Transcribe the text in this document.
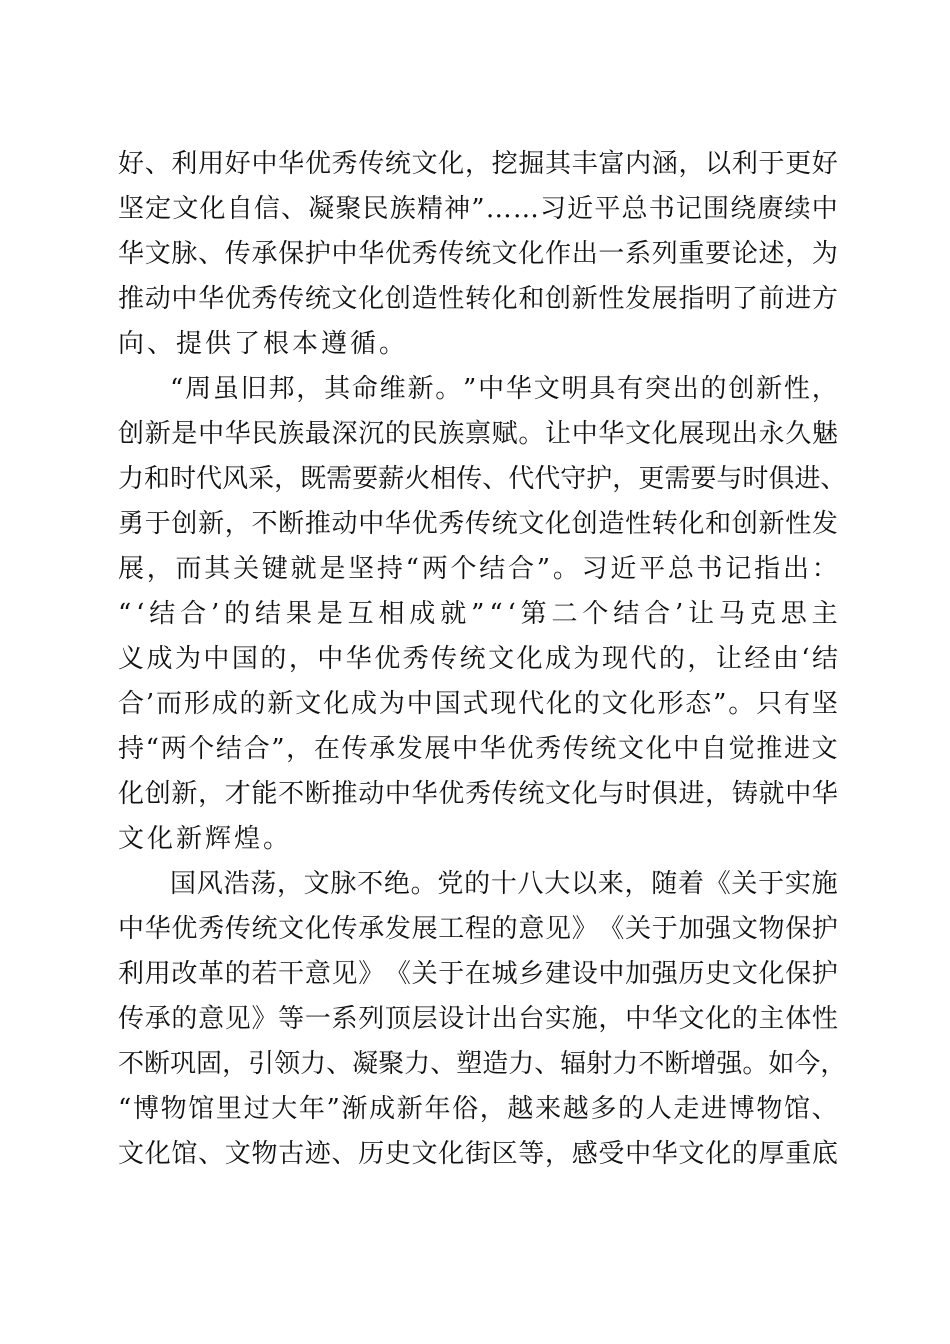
好 、 利 用 好 中 华 优 秀 传 统 文 化 ， 挖 掘 其 丰 富 内 涵 ， 以 利 于 更 好
坚 定 文 化 自 信 、 凝 聚 民 族 精 神 ” … … 习 近 平 总 书 记 围 绕 赓 续 中
华 文 脉 、 传 承 保 护 中 华 优 秀 传 统 文 化 作 出 一 系 列 重 要 论 述 ， 为
推 动 中 华 优 秀 传 统 文 化 创 造 性 转 化 和 创 新 性 发 展 指 明 了 前 进 方
向、提供了根本遵循。
“ 周 虽 旧 邦 ， 其 命 维 新 。 ” 中 华 文 明 具 有 突 出 的 创 新 性 ，
创 新 是 中 华 民 族 最 深 沉 的 民 族 禀 赋 。 让 中 华 文 化 展 现 出 永 久 魅
力 和 时 代 风 采 ， 既 需 要 薪 火 相 传 、 代 代 守 护 ， 更 需 要 与 时 俱 进 、
勇 于 创 新 ， 不 断 推 动 中 华 优 秀 传 统 文 化 创 造 性 转 化 和 创 新 性 发
展 ， 而 其 关 键 就 是 坚 持 “ 两 个 结 合 ” 。 习 近 平 总 书 记 指 出 ：
“ ‘ 结 合 ’ 的 结 果 是 互 相 成 就 ” “ ‘ 第 二 个 结 合 ’ 让 马 克 思 主
义 成 为 中 国 的 ， 中 华 优 秀 传 统 文 化 成 为 现 代 的 ， 让 经 由 ‘ 结
合 ’ 而 形 成 的 新 文 化 成 为 中 国 式 现 代 化 的 文 化 形 态 ” 。 只 有 坚
持 “ 两 个 结 合 ” ， 在 传 承 发 展 中 华 优 秀 传 统 文 化 中 自 觉 推 进 文
化 创 新 ， 才 能 不 断 推 动 中 华 优 秀 传 统 文 化 与 时 俱 进 ， 铸 就 中 华
文化新辉煌。
国 风 浩 荡 ， 文 脉 不 绝 。 党 的 十 八 大 以 来 ， 随 着 《 关 于 实 施
中 华 优 秀 传 统 文 化 传 承 发 展 工 程 的 意 见 》 《 关 于 加 强 文 物 保 护
利 用 改 革 的 若 干 意 见 》 《 关 于 在 城 乡 建 设 中 加 强 历 史 文 化 保 护
传 承 的 意 见 》 等 一 系 列 顶 层 设 计 出 台 实 施 ， 中 华 文 化 的 主 体 性
不 断 巩 固 ， 引 领 力 、 凝 聚 力 、 塑 造 力 、 辐 射 力 不 断 增 强 。 如 今 ，
“ 博 物 馆 里 过 大 年 ” 渐 成 新 年 俗 ， 越 来 越 多 的 人 走 进 博 物 馆 、
文 化 馆 、 文 物 古 迹 、 历 史 文 化 街 区 等 ， 感 受 中 华 文 化 的 厚 重 底
